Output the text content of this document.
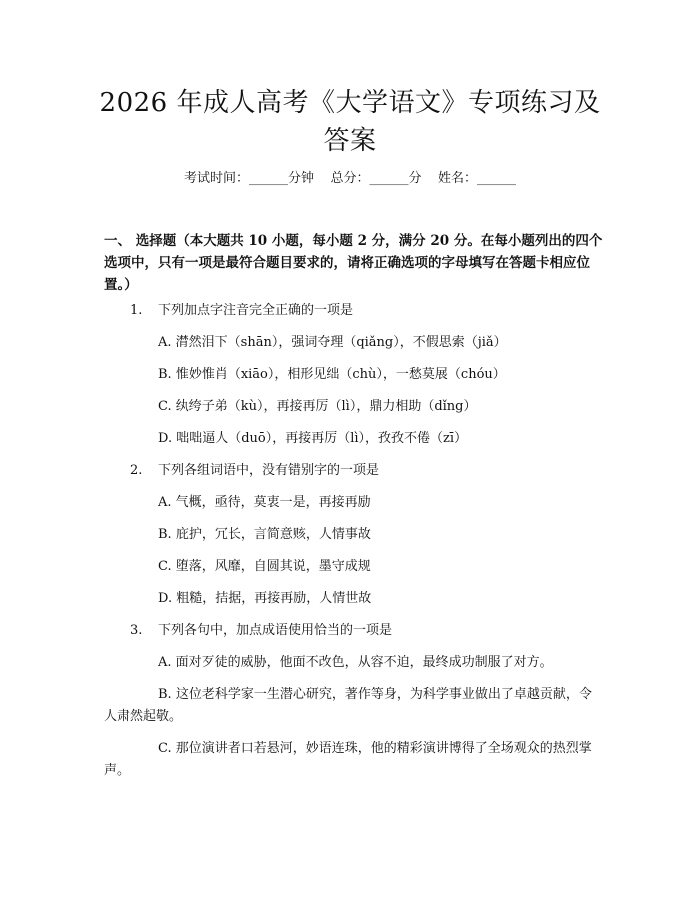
2026 年成人高考《大学语文》专项练习及答案
考试时间：______分钟    总分：______分    姓名：______
一、 选择题（本大题共 10 小题，每小题 2 分，满分 20 分。在每小题列出的四个选项中，只有一项是最符合题目要求的，请将正确选项的字母填写在答题卡相应位置。）
1. 下列加点字注音完全正确的一项是
A. 潸然泪下（shān），强词夺理（qiǎng），不假思索（jiǎ）
B. 惟妙惟肖（xiāo），相形见绌（chù），一愁莫展（chóu）
C. 纨绔子弟（kù），再接再厉（lì），鼎力相助（dǐng）
D. 咄咄逼人（duō），再接再厉（lì），孜孜不倦（zī）
2. 下列各组词语中，没有错别字的一项是
A. 气概，亟待，莫衷一是，再接再励
B. 庇护，冗长，言简意赅，人情事故
C. 堕落，风靡，自圆其说，墨守成规
D. 粗糙，拮据，再接再励，人情世故
3. 下列各句中，加点成语使用恰当的一项是
A. 面对歹徒的威胁，他面不改色，从容不迫，最终成功制服了对方。
B. 这位老科学家一生潜心研究，著作等身，为科学事业做出了卓越贡献，令人肃然起敬。
C. 那位演讲者口若悬河，妙语连珠，他的精彩演讲博得了全场观众的热烈掌声。
